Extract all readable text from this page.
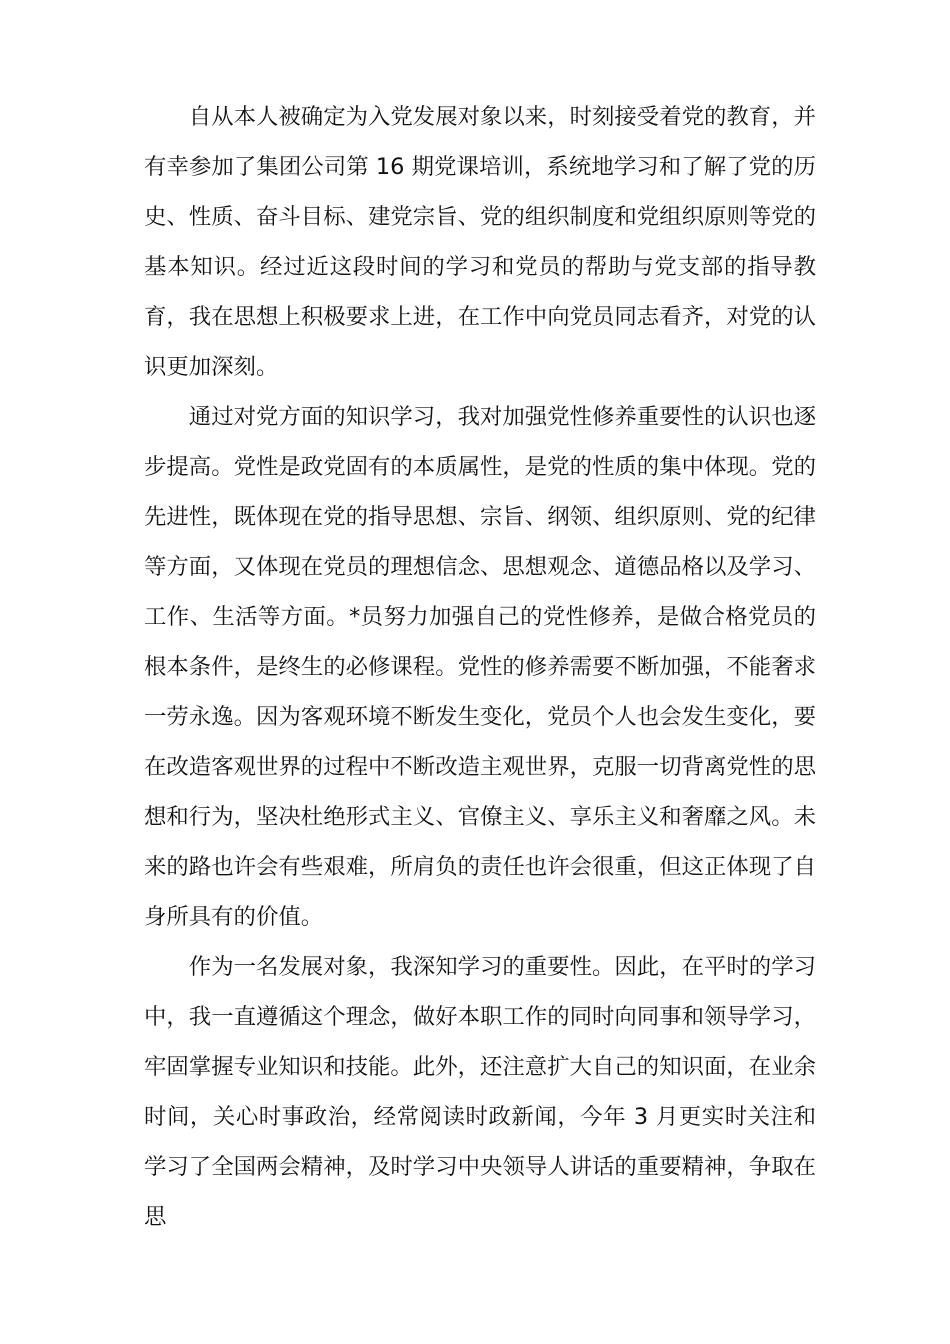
自从本人被确定为入党发展对象以来，时刻接受着党的教育，并有幸参加了集团公司第 16 期党课培训，系统地学习和了解了党的历史、性质、奋斗目标、建党宗旨、党的组织制度和党组织原则等党的基本知识。经过近这段时间的学习和党员的帮助与党支部的指导教育，我在思想上积极要求上进，在工作中向党员同志看齐，对党的认识更加深刻。

通过对党方面的知识学习，我对加强党性修养重要性的认识也逐步提高。党性是政党固有的本质属性，是党的性质的集中体现。党的先进性，既体现在党的指导思想、宗旨、纲领、组织原则、党的纪律等方面，又体现在党员的理想信念、思想观念、道德品格以及学习、工作、生活等方面。*员努力加强自己的党性修养，是做合格党员的根本条件，是终生的必修课程。党性的修养需要不断加强，不能奢求一劳永逸。因为客观环境不断发生变化，党员个人也会发生变化，要在改造客观世界的过程中不断改造主观世界，克服一切背离党性的思想和行为，坚决杜绝形式主义、官僚主义、享乐主义和奢靡之风。未来的路也许会有些艰难，所肩负的责任也许会很重，但这正体现了自身所具有的价值。

作为一名发展对象，我深知学习的重要性。因此，在平时的学习中，我一直遵循这个理念，做好本职工作的同时向同事和领导学习，牢固掌握专业知识和技能。此外，还注意扩大自己的知识面，在业余时间，关心时事政治，经常阅读时政新闻，今年 3 月更实时关注和学习了全国两会精神，及时学习中央领导人讲话的重要精神，争取在思
